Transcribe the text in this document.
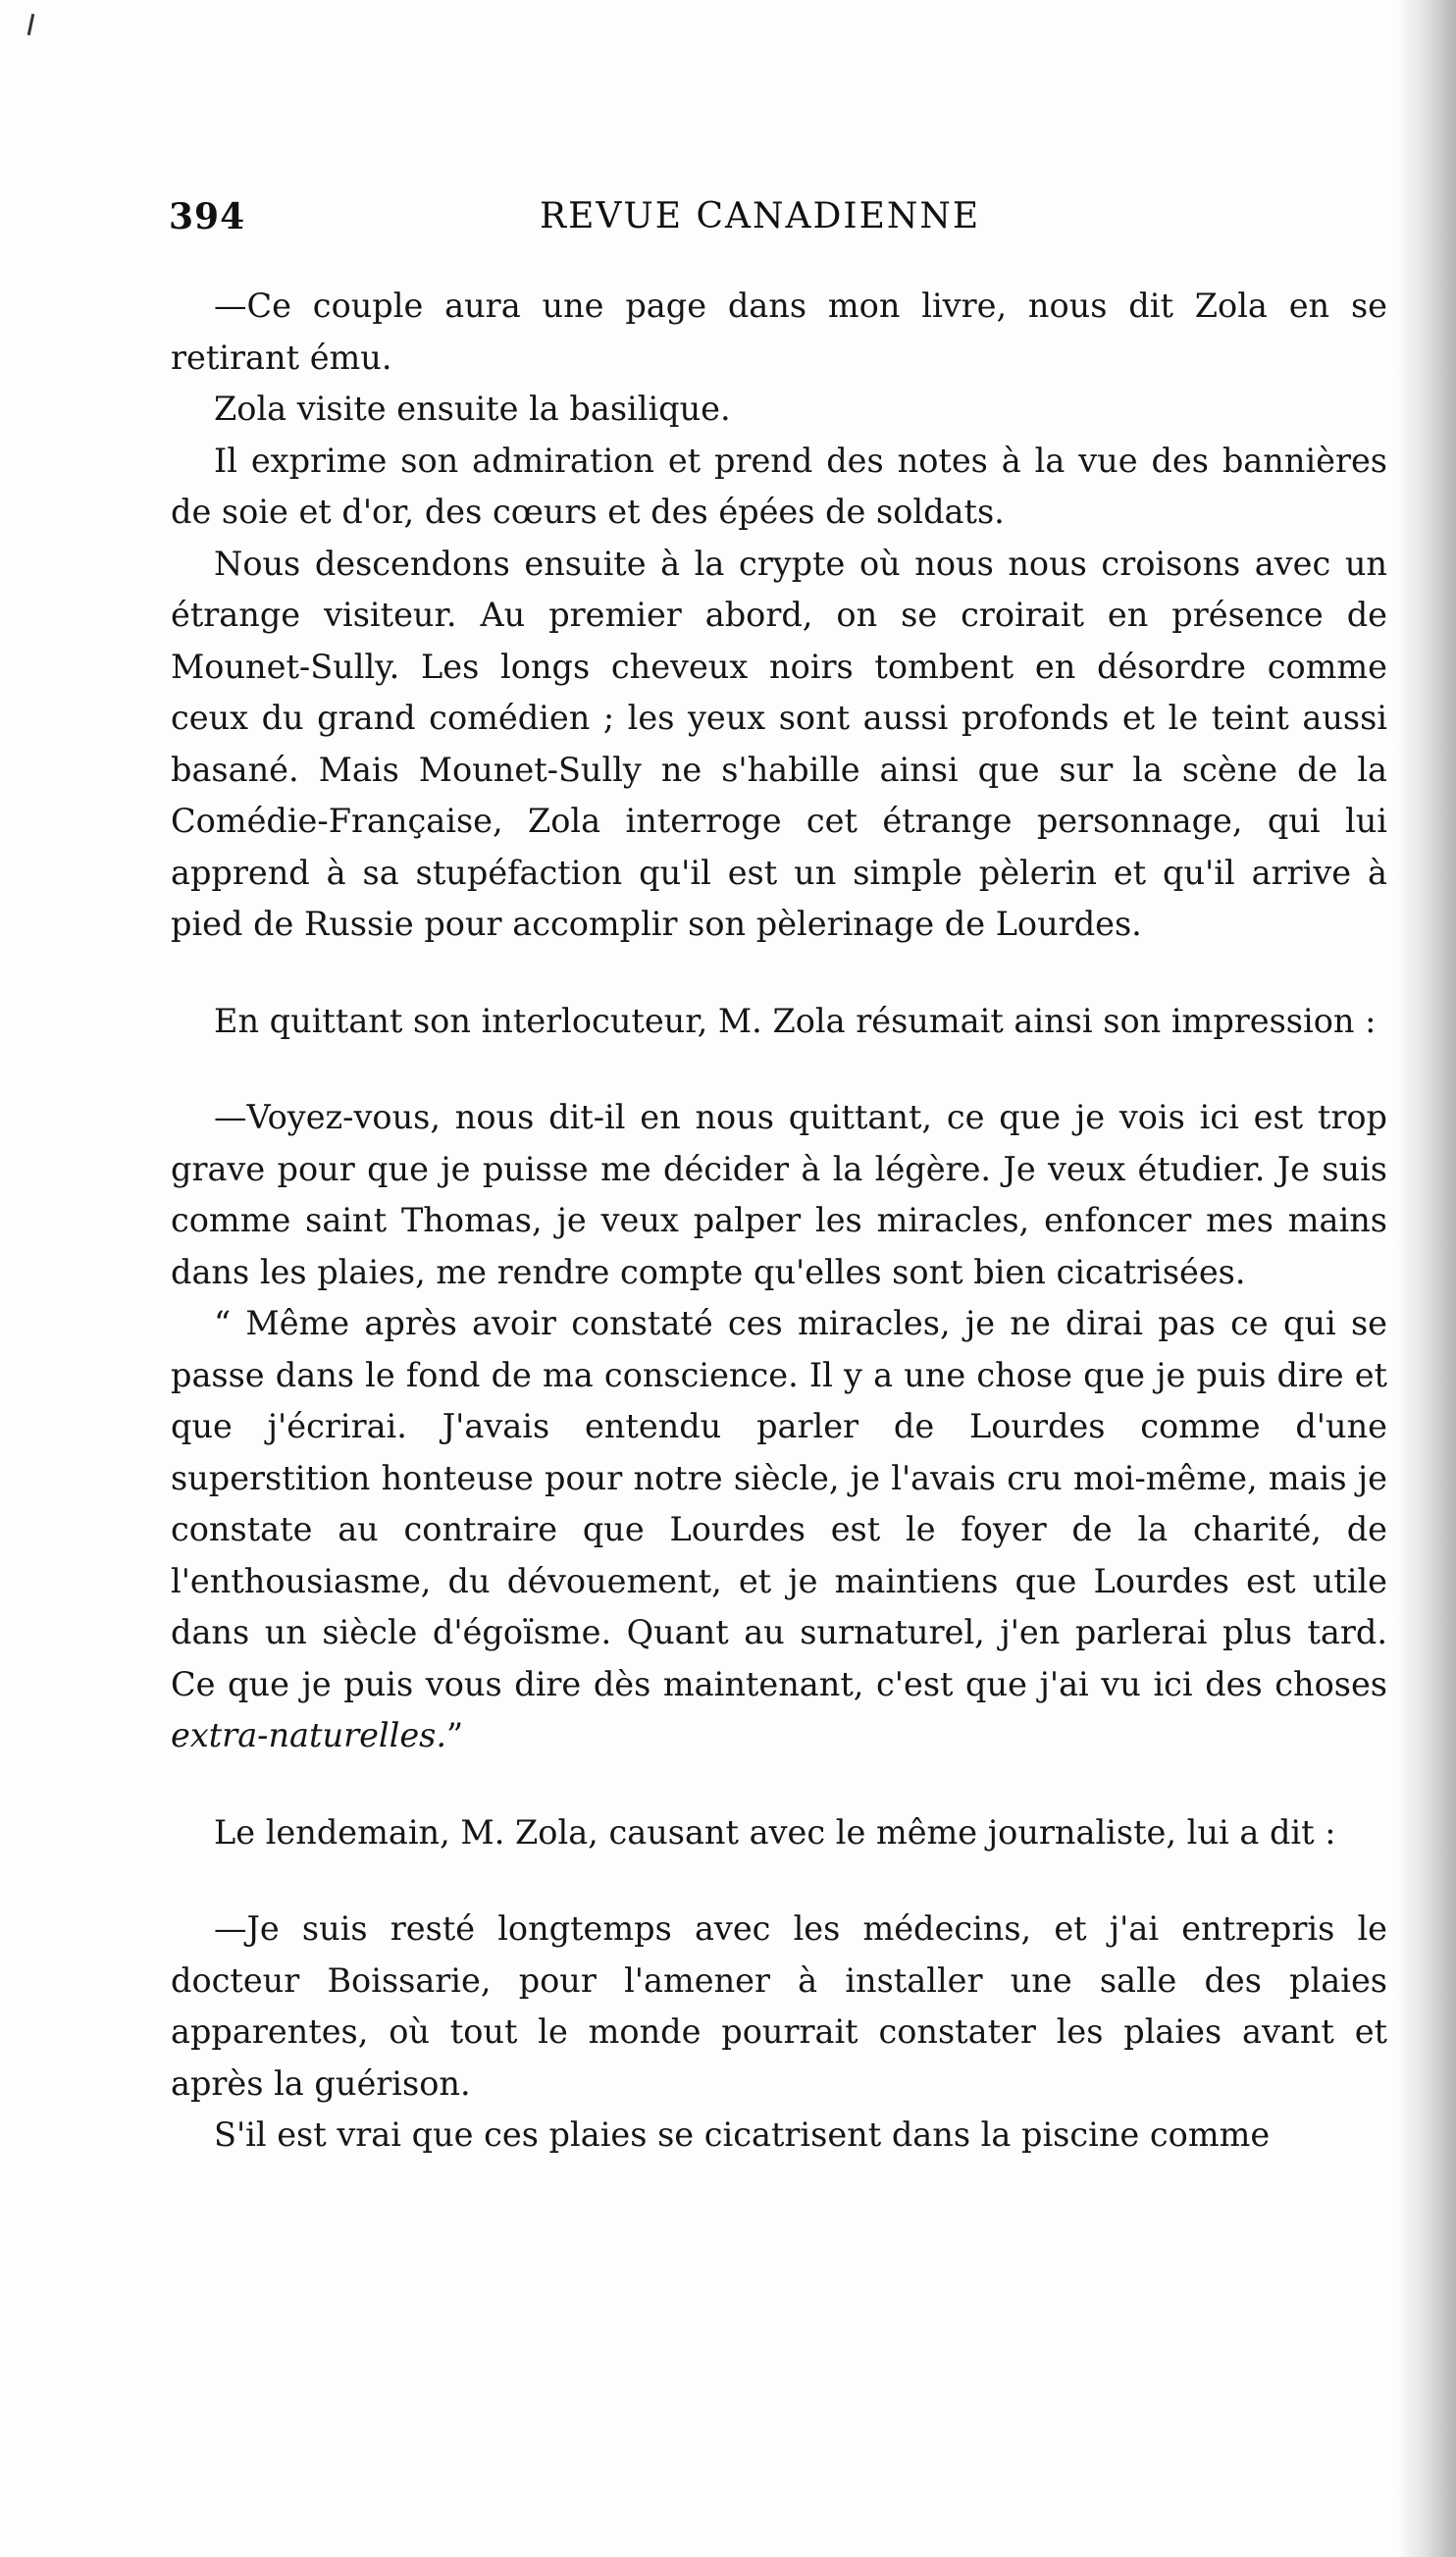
394	REVUE CANADIENNE

—Ce couple aura une page dans mon livre, nous dit Zola en se retirant ému.

Zola visite ensuite la basilique.

Il exprime son admiration et prend des notes à la vue des bannières de soie et d'or, des cœurs et des épées de soldats.

Nous descendons ensuite à la crypte où nous nous croisons avec un étrange visiteur. Au premier abord, on se croirait en présence de Mounet-Sully. Les longs cheveux noirs tombent en désordre comme ceux du grand comédien ; les yeux sont aussi profonds et le teint aussi basané. Mais Mounet-Sully ne s'habille ainsi que sur la scène de la Comédie-Française, Zola interroge cet étrange personnage, qui lui apprend à sa stupéfaction qu'il est un simple pèlerin et qu'il arrive à pied de Russie pour accomplir son pèlerinage de Lourdes.

En quittant son interlocuteur, M. Zola résumait ainsi son impression :

—Voyez-vous, nous dit-il en nous quittant, ce que je vois ici est trop grave pour que je puisse me décider à la légère. Je veux étudier. Je suis comme saint Thomas, je veux palper les miracles, enfoncer mes mains dans les plaies, me rendre compte qu'elles sont bien cicatrisées.

“ Même après avoir constaté ces miracles, je ne dirai pas ce qui se passe dans le fond de ma conscience. Il y a une chose que je puis dire et que j'écrirai. J'avais entendu parler de Lourdes comme d'une superstition honteuse pour notre siècle, je l'avais cru moi-même, mais je constate au contraire que Lourdes est le foyer de la charité, de l'enthousiasme, du dévouement, et je maintiens que Lourdes est utile dans un siècle d'égoïsme. Quant au surnaturel, j'en parlerai plus tard. Ce que je puis vous dire dès maintenant, c'est que j'ai vu ici des choses extra-naturelles.”

Le lendemain, M. Zola, causant avec le même journaliste, lui a dit :

—Je suis resté longtemps avec les médecins, et j'ai entrepris le docteur Boissarie, pour l'amener à installer une salle des plaies apparentes, où tout le monde pourrait constater les plaies avant et après la guérison.

S'il est vrai que ces plaies se cicatrisent dans la piscine comme
